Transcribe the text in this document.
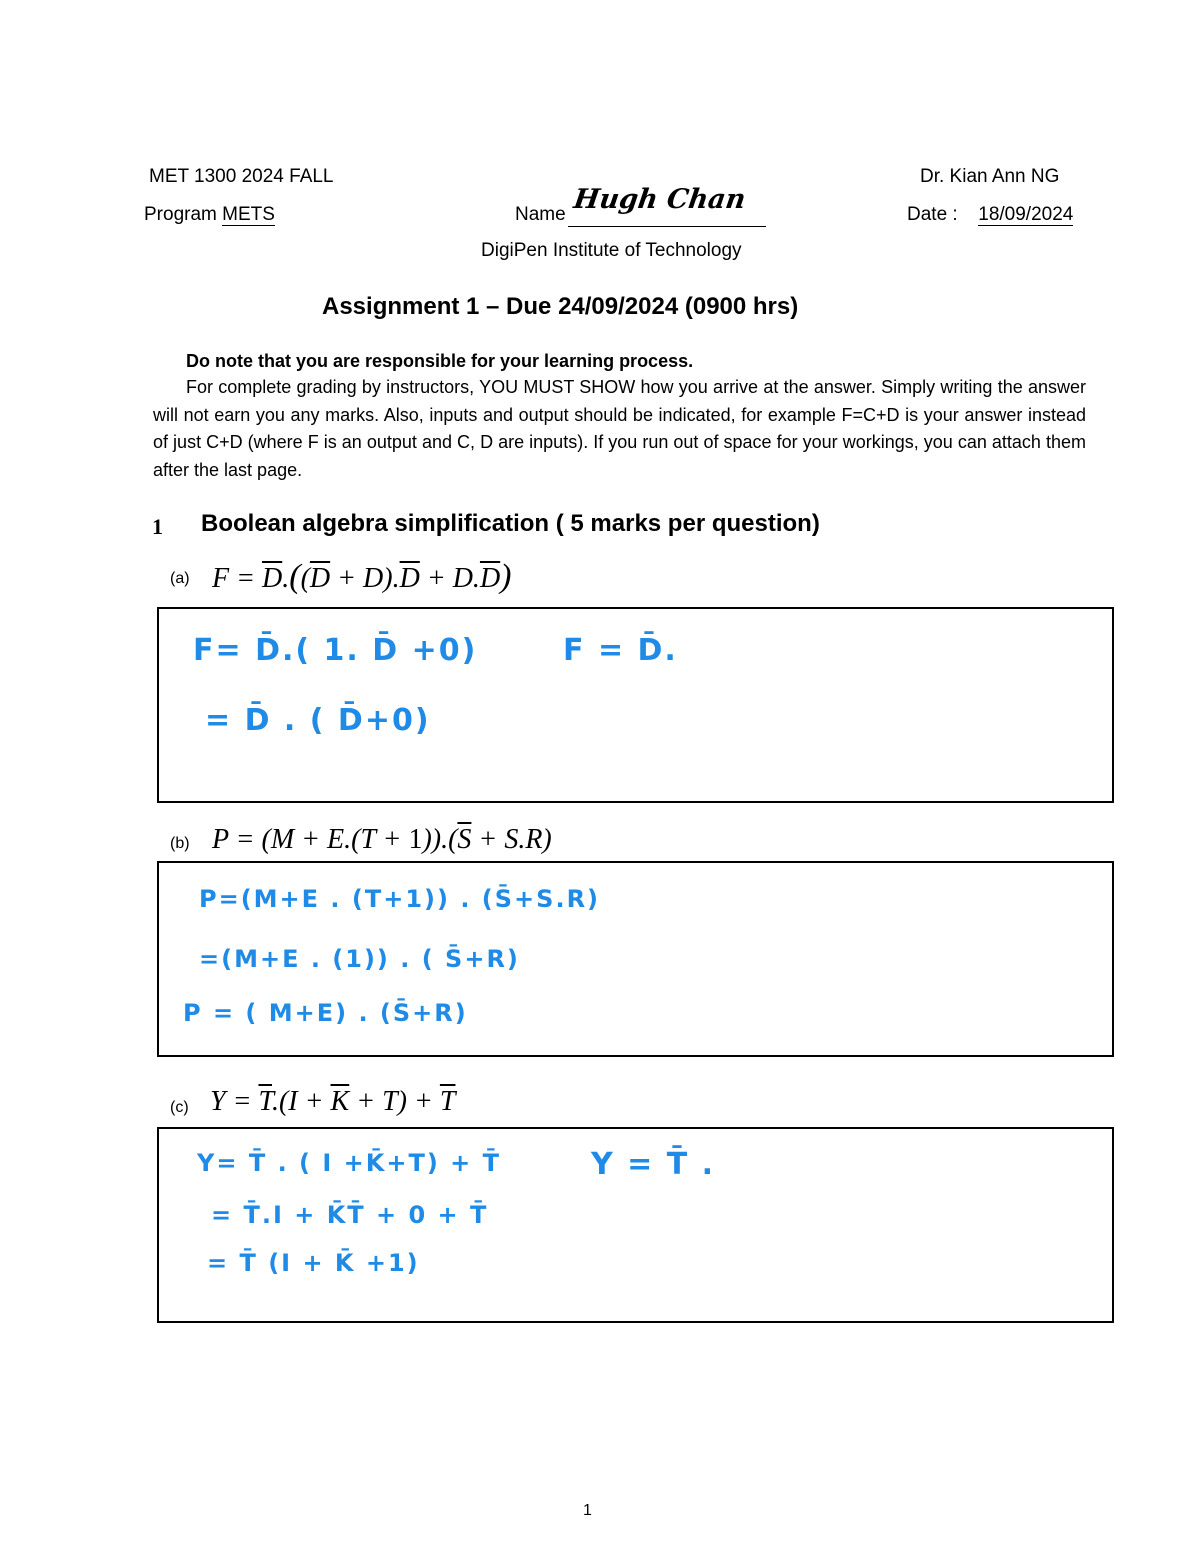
MET 1300 2024 FALL	Dr. Kian Ann NG
Program METS	Name Hugh Chan	Date : 18/09/2024
DigiPen Institute of Technology
Assignment 1 – Due 24/09/2024 (0900 hrs)
Do note that you are responsible for your learning process.
For complete grading by instructors, YOU MUST SHOW how you arrive at the answer. Simply writing the answer will not earn you any marks. Also, inputs and output should be indicated, for example F=C+D is your answer instead of just C+D (where F is an output and C, D are inputs). If you run out of space for your workings, you can attach them after the last page.
1 Boolean algebra simplification ( 5 marks per question)
(a) $F = \overline{D}.((\overline{D} + D).\overline{D} + D.\overline{D})$
F= D̄.( 1. D̄ +0)
= D̄ . ( D̄+0)
F = D̄.
(b) $P = (M + E.(T + 1)).(\overline{S} + S.R)$
P=(M+E . (T+1)) . (S̄+S.R)
=(M+E . (1)) . ( S̄+R)
P = ( M+E) . (S̄+R)
(c) $Y = \overline{T}.(I + \overline{K} + T) + \overline{T}$
Y= T̄ . ( I +K̄+T) + T̄
= T̄.I + K̄T̄ + 0 + T̄
= T̄ (I + K̄ +1)
Y = T̄ .
1
